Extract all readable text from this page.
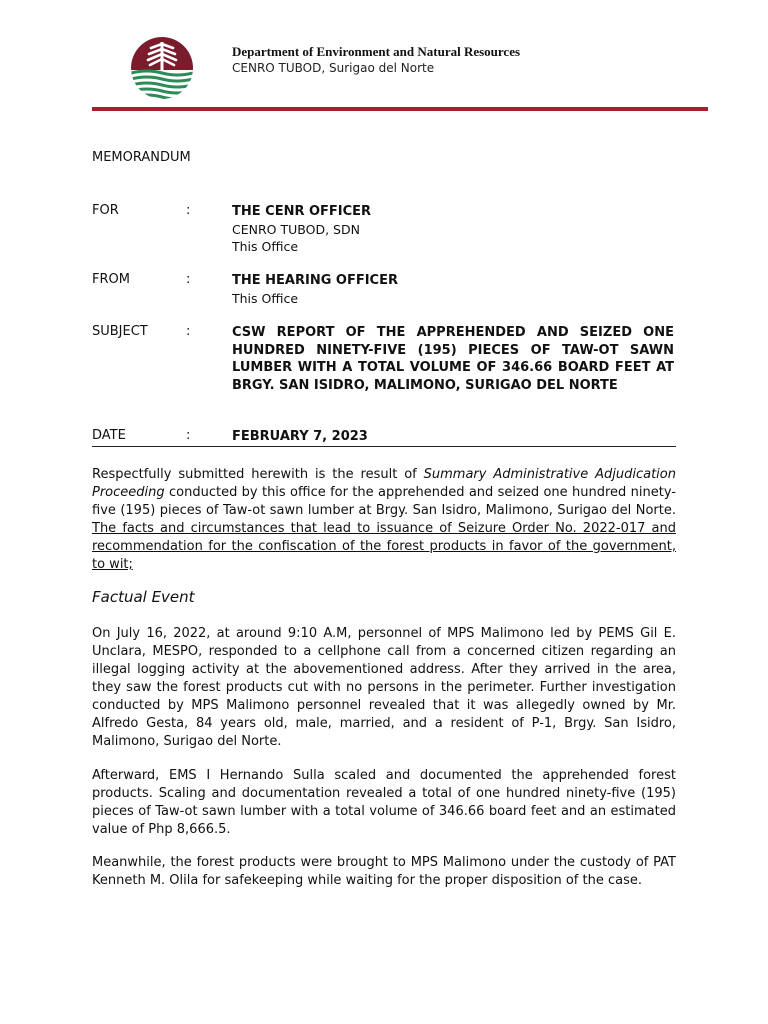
Department of Environment and Natural Resources
CENRO TUBOD, Surigao del Norte
MEMORANDUM
FOR	:	THE CENR OFFICER
CENRO TUBOD, SDN
This Office
FROM	:	THE HEARING OFFICER
This Office
SUBJECT	:	CSW REPORT OF THE APPREHENDED AND SEIZED ONE HUNDRED NINETY-FIVE (195) PIECES OF TAW-OT SAWN LUMBER WITH A TOTAL VOLUME OF 346.66 BOARD FEET AT BRGY. SAN ISIDRO, MALIMONO, SURIGAO DEL NORTE
DATE	:	FEBRUARY 7, 2023

Respectfully submitted herewith is the result of Summary Administrative Adjudication Proceeding conducted by this office for the apprehended and seized one hundred ninety-five (195) pieces of Taw-ot sawn lumber at Brgy. San Isidro, Malimono, Surigao del Norte. The facts and circumstances that lead to issuance of Seizure Order No. 2022-017 and recommendation for the confiscation of the forest products in favor of the government, to wit;

Factual Event

On July 16, 2022, at around 9:10 A.M, personnel of MPS Malimono led by PEMS Gil E. Unclara, MESPO, responded to a cellphone call from a concerned citizen regarding an illegal logging activity at the abovementioned address. After they arrived in the area, they saw the forest products cut with no persons in the perimeter. Further investigation conducted by MPS Malimono personnel revealed that it was allegedly owned by Mr. Alfredo Gesta, 84 years old, male, married, and a resident of P-1, Brgy. San Isidro, Malimono, Surigao del Norte.

Afterward, EMS I Hernando Sulla scaled and documented the apprehended forest products. Scaling and documentation revealed a total of one hundred ninety-five (195) pieces of Taw-ot sawn lumber with a total volume of 346.66 board feet and an estimated value of Php 8,666.5.

Meanwhile, the forest products were brought to MPS Malimono under the custody of PAT Kenneth M. Olila for safekeeping while waiting for the proper disposition of the case.
